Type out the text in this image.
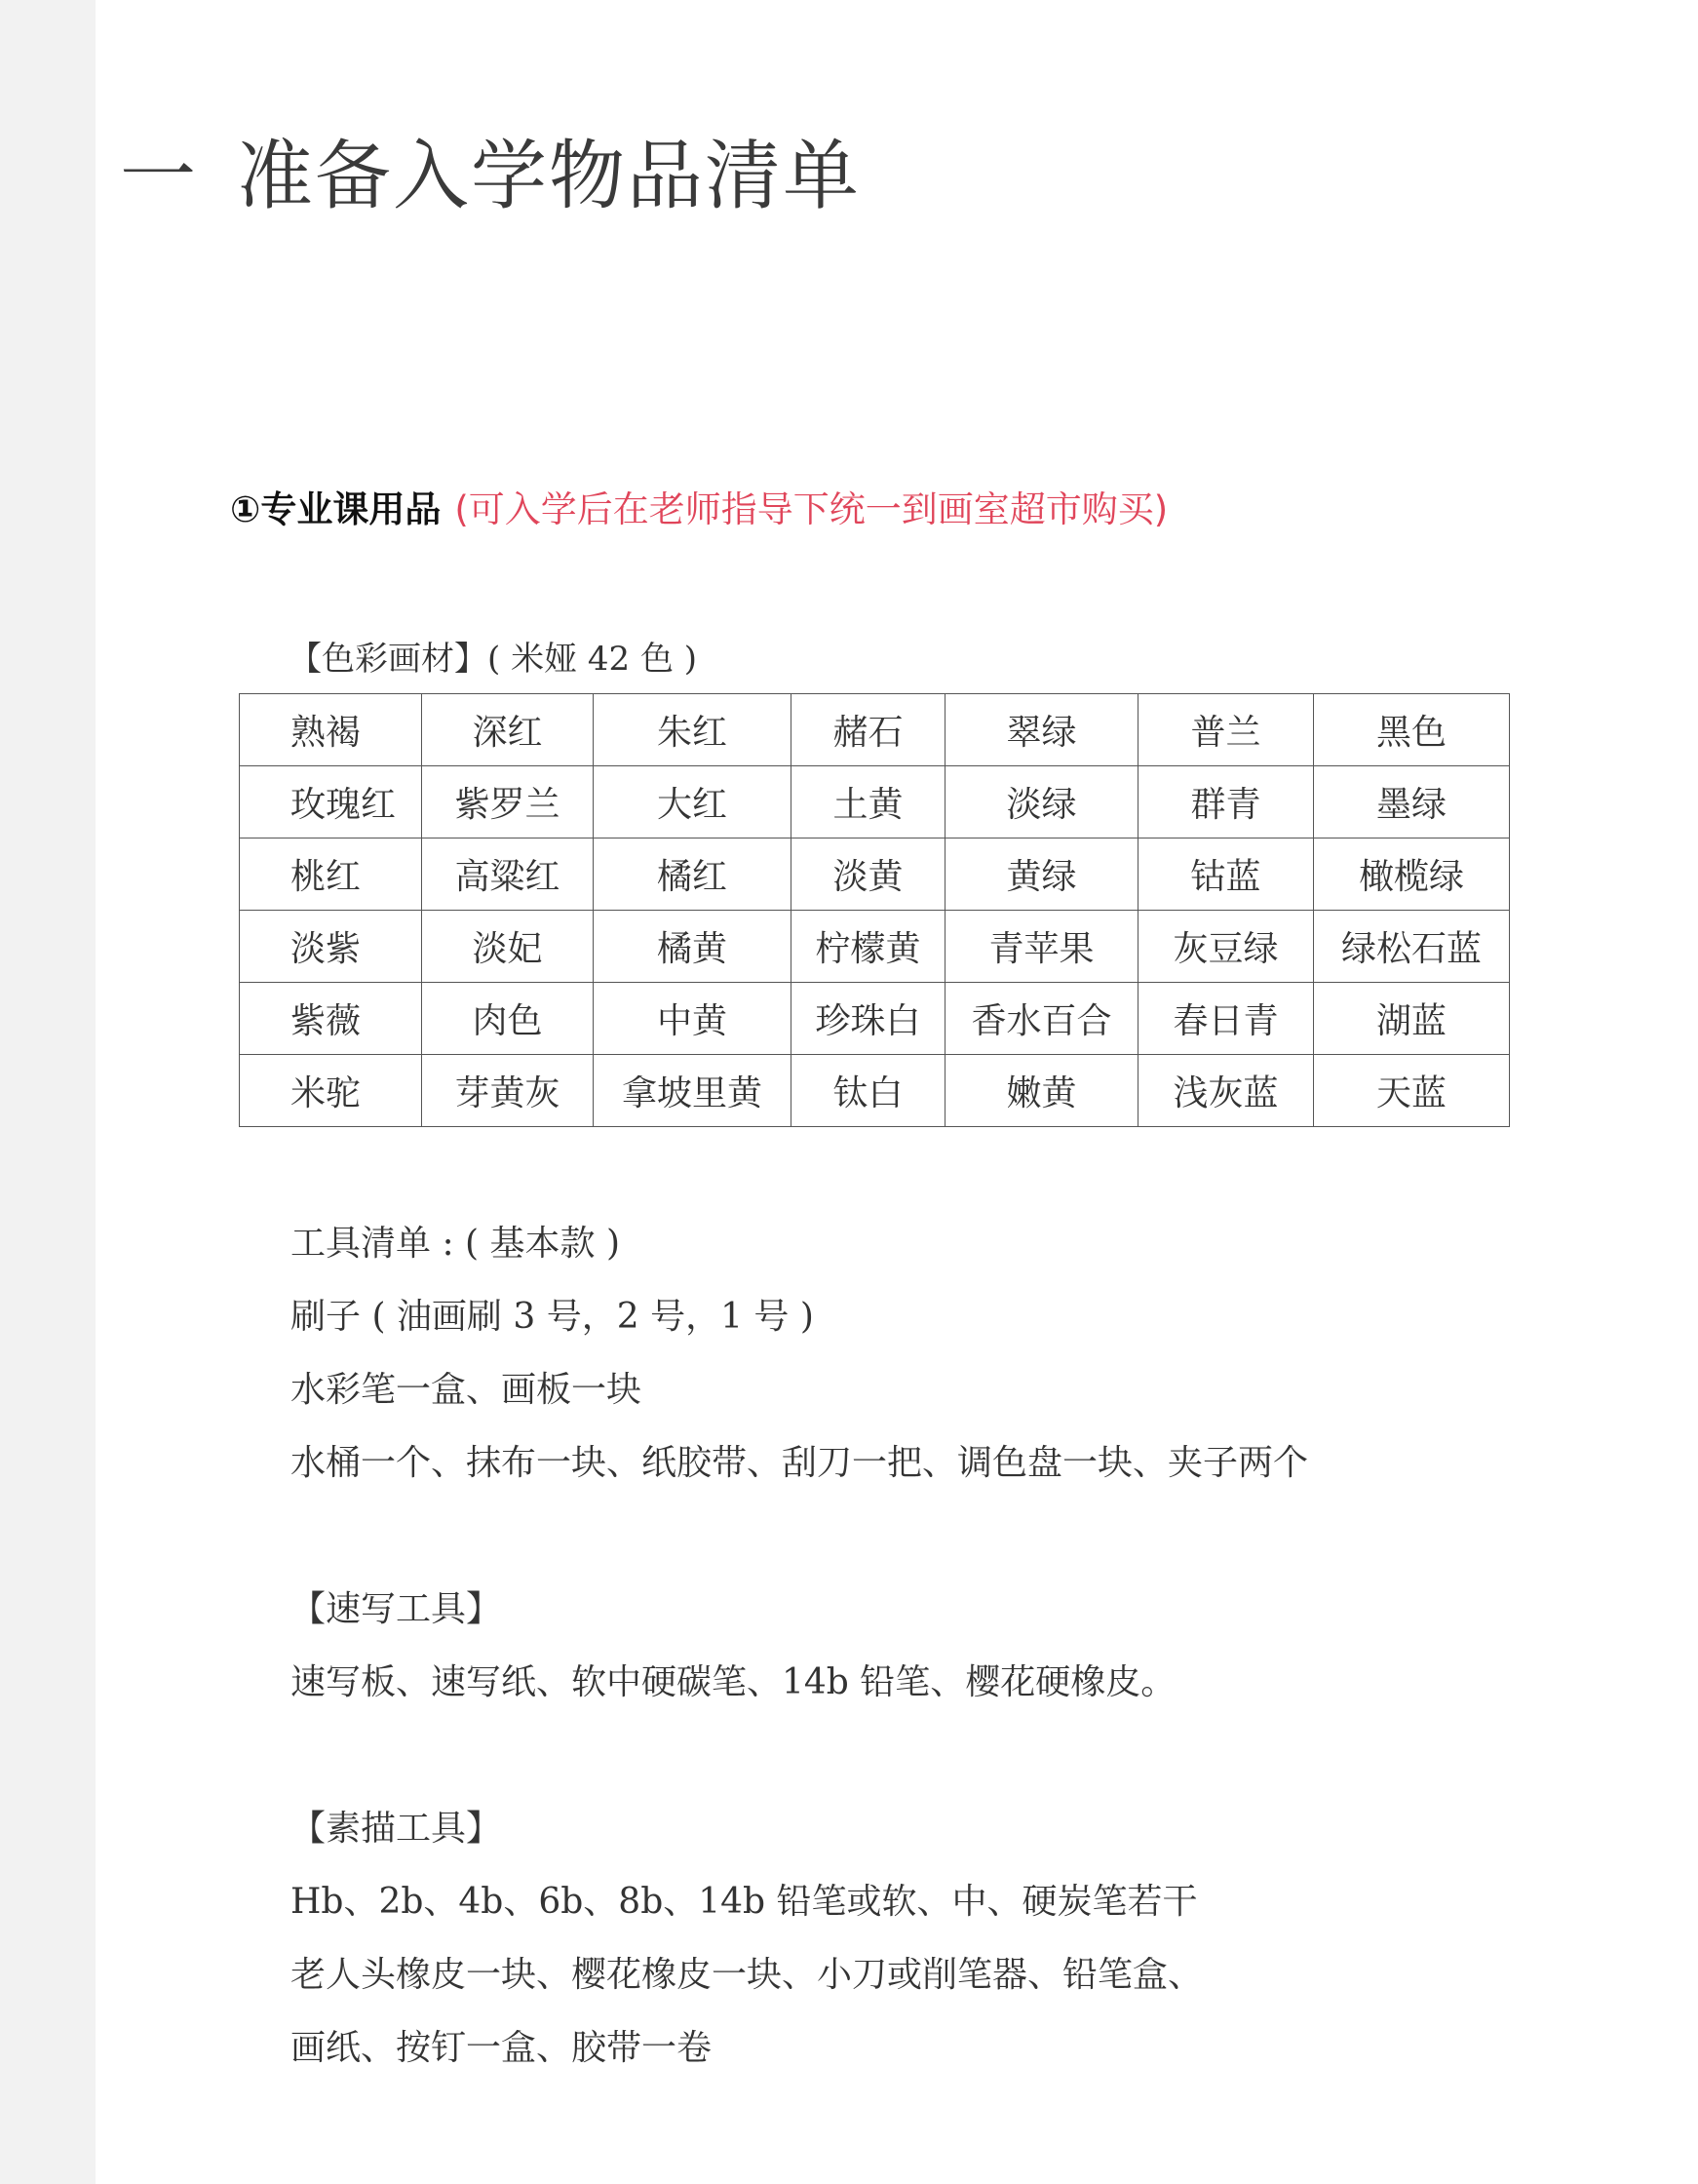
一 准备入学物品清单
①专业课用品 (可入学后在老师指导下统一到画室超市购买)
【色彩画材】( 米娅 42 色 )
熟褐	深红	朱红	赭石	翠绿	普兰	黑色
玫瑰红	紫罗兰	大红	土黄	淡绿	群青	墨绿
桃红	高粱红	橘红	淡黄	黄绿	钴蓝	橄榄绿
淡紫	淡妃	橘黄	柠檬黄	青苹果	灰豆绿	绿松石蓝
紫薇	肉色	中黄	珍珠白	香水百合	春日青	湖蓝
米驼	芽黄灰	拿坡里黄	钛白	嫩黄	浅灰蓝	天蓝
工具清单 : ( 基本款 )
刷子 ( 油画刷 3 号，2 号，1 号 )
水彩笔一盒、画板一块
水桶一个、抹布一块、纸胶带、刮刀一把、调色盘一块、夹子两个
【速写工具】
速写板、速写纸、软中硬碳笔、14b 铅笔、樱花硬橡皮。
【素描工具】
Hb、2b、4b、6b、8b、14b 铅笔或软、中、硬炭笔若干
老人头橡皮一块、樱花橡皮一块、小刀或削笔器、铅笔盒、
画纸、按钉一盒、胶带一卷
